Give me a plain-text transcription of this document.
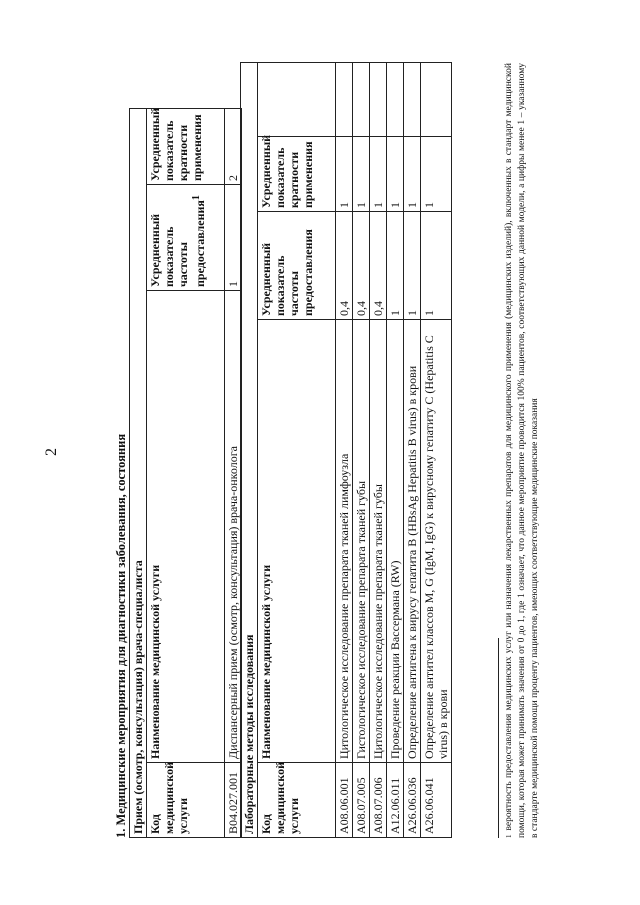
2	1. Медицинские мероприятия для диагностики заболевания, состояния Прием (осмотр, консультация) врача-специалиста			
Код медицинской услуги	Наименование медицинской услуги	Усредненный показатель частоты предоставления$^1$	Усредненный показатель кратности применения
B04.027.001	Диспансерный прием (осмотр, консультация) врача-онколога	1	2
Лабораторные методы исследования				
Код медицинской услуги	Наименование медицинской услуги	Усредненный показатель частоты предоставления	Усредненный показатель кратности применения	
A08.06.001	Цитологическое исследование препарата тканей лимфоузла	0,4	1	
A08.07.005	Гистологическое исследование препарата тканей губы	0,4	1	
A08.07.006	Цитологическое исследование препарата тканей губы	0,4	1	
A12.06.011	Проведение реакции Вассермана (RW)	1	1	
A26.06.036	Определение антигена к вирусу гепатита B (HBsAg Hepatitis B virus) в крови	1	1	
A26.06.041	Определение антител классов M, G (IgM, IgG) к вирусному гепатиту C (Hepatitis C virus) в крови	1	1	
$^1$вероятность предоставления медицинских услуг или назначения лекарственных препаратов для медицинского применения (медицинских изделий), включенных в стандарт медицинской помощи, которая может принимать значения от 0 до 1, где 1 означает, что данное мероприятие проводится 100% пациентов, соответствующих данной модели, а цифры менее 1 – указанному в стандарте медицинской помощи проценту пациентов, имеющих соответствующие медицинские показания
